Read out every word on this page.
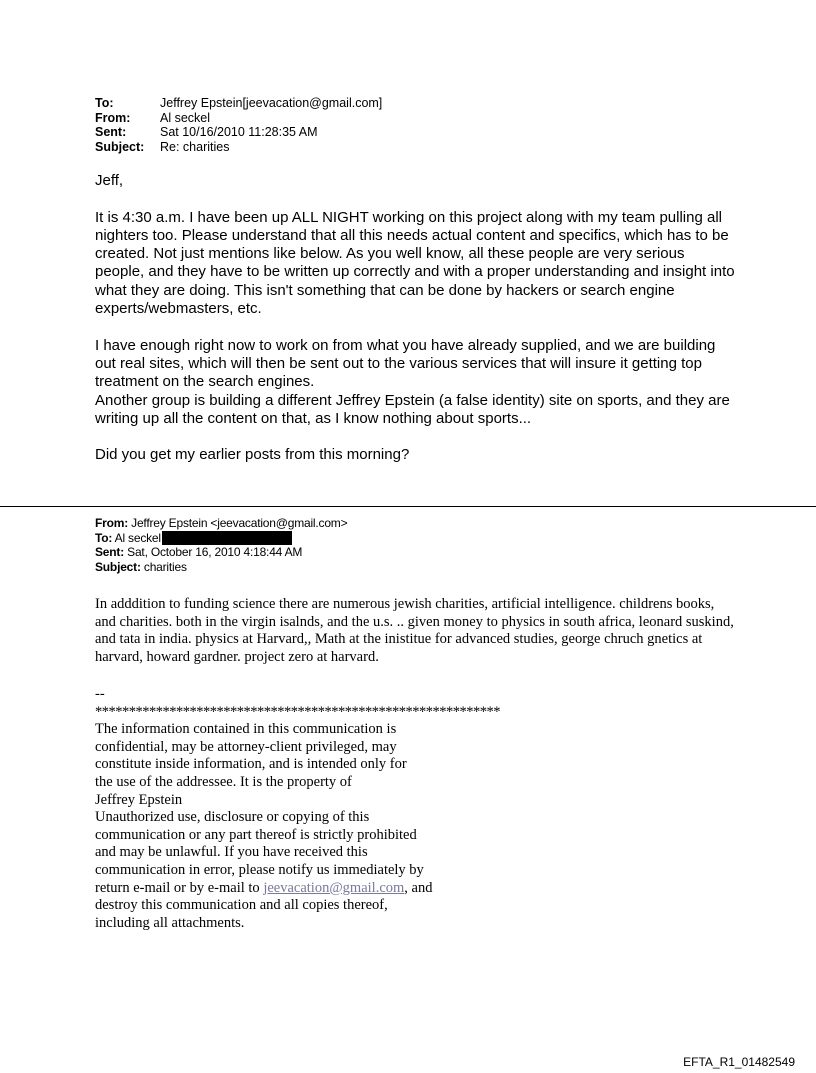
To:	Jeffrey Epstein[jeevacation@gmail.com]
From:	Al seckel
Sent:	Sat 10/16/2010 11:28:35 AM
Subject:	Re: charities

Jeff,

It is 4:30 a.m. I have been up ALL NIGHT working on this project along with my team pulling all nighters too. Please understand that all this needs actual content and specifics, which has to be created. Not just mentions like below. As you well know, all these people are very serious people, and they have to be written up correctly and with a proper understanding and insight into what they are doing. This isn't something that can be done by hackers or search engine experts/webmasters, etc.

I have enough right now to work on from what you have already supplied, and we are building out real sites, which will then be sent out to the various services that will insure it getting top treatment on the search engines.

Another group is building a different Jeffrey Epstein (a false identity) site on sports, and they are writing up all the content on that, as I know nothing about sports...

Did you get my earlier posts from this morning?

From: Jeffrey Epstein <jeevacation@gmail.com>
To: Al seckel
Sent: Sat, October 16, 2010 4:18:44 AM
Subject: charities

In adddition to funding science there are numerous jewish charities, artificial intelligence. childrens books, and charities. both in the virgin isalnds, and the u.s. .. given money to physics in south africa, leonard suskind, and tata in india. physics at Harvard,, Math at the inistitue for advanced studies, george chruch gnetics at harvard, howard gardner. project zero at harvard.

--

************************************************************

The information contained in this communication is

confidential, may be attorney-client privileged, may

constitute inside information, and is intended only for

the use of the addressee. It is the property of

Jeffrey Epstein

Unauthorized use, disclosure or copying of this

communication or any part thereof is strictly prohibited

and may be unlawful. If you have received this

communication in error, please notify us immediately by

return e-mail or by e-mail to jeevacation@gmail.com, and

destroy this communication and all copies thereof,

including all attachments.

EFTA_R1_01482549
